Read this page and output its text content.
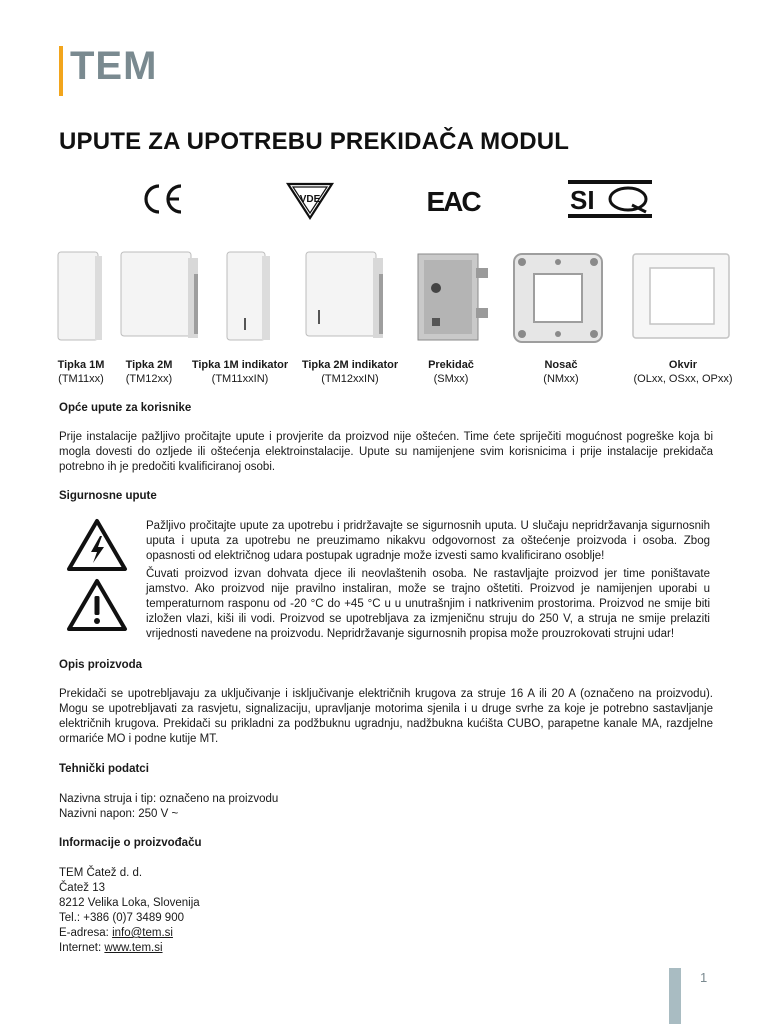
TEM
UPUTE ZA UPOTREBU PREKIDAČA MODUL
VDE	EAC	SI
Tipka 1M
(TM11xx)
Tipka 2M
(TM12xx)
Tipka 1M indikator
(TM11xxIN)
Tipka 2M indikator
(TM12xxIN)
Prekidač
(SMxx)
Nosač
(NMxx)
Okvir
(OLxx, OSxx, OPxx)
Opće upute za korisnike

Prije instalacije pažljivo pročitajte upute i provjerite da proizvod nije oštećen. Time ćete spriječiti mogućnost pogreške koja bi mogla dovesti do ozljede ili oštećenja elektroinstalacije. Upute su namijenjene svim korisnicima i prije instalacije prekidača potrebno ih je predočiti kvalificiranoj osobi.

Sigurnosne upute

Pažljivo pročitajte upute za upotrebu i pridržavajte se sigurnosnih uputa. U slučaju nepridržavanja sigurnosnih uputa i uputa za upotrebu ne preuzimamo nikakvu odgovornost za oštećenje proizvoda i osoba. Zbog opasnosti od električnog udara postupak ugradnje može izvesti samo kvalificirano osoblje!

Čuvati proizvod izvan dohvata djece ili neovlaštenih osoba. Ne rastavljajte proizvod jer time poništavate jamstvo. Ako proizvod nije pravilno instaliran, može se trajno oštetiti. Proizvod je namijenjen uporabi u temperaturnom rasponu od -20 °C do +45 °C u u unutrašnjim i natkrivenim prostorima. Proizvod ne smije biti izložen vlazi, kiši ili vodi. Proizvod se upotrebljava za izmjeničnu struju do 250 V, a struja ne smije prelaziti vrijednosti navedene na proizvodu. Nepridržavanje sigurnosnih propisa može prouzrokovati strujni udar!

Opis proizvoda

Prekidači se upotrebljavaju za uključivanje i isključivanje električnih krugova za struje 16 A ili 20 A (označeno na proizvodu). Mogu se upotrebljavati za rasvjetu, signalizaciju, upravljanje motorima sjenila i u druge svrhe za koje je potrebno sastavljanje električnih krugova. Prekidači su prikladni za podžbuknu ugradnju, nadžbukna kućišta CUBO, parapetne kanale MA, razdjelne ormariće MO i podne kutije MT.

Tehnički podatci
Nazivna struja i tip: označeno na proizvodu
Nazivni napon: 250 V ~
Informacije o proizvođaču
TEM Čatež d. d.
Čatež 13
8212 Velika Loka, Slovenija
Tel.: +386 (0)7 3489 900
E-adresa: info@tem.si
Internet: www.tem.si
1
